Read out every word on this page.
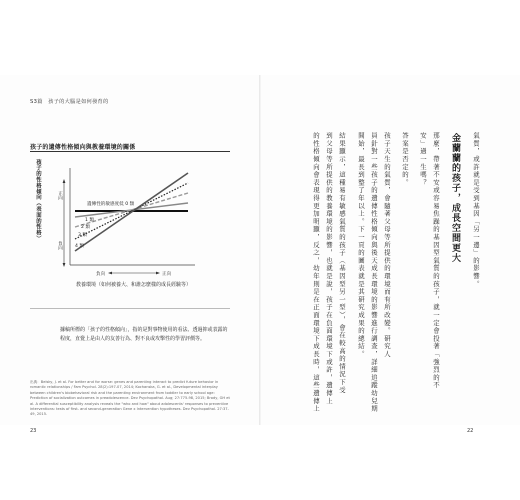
S3篇　孩子的大腦是如何發育的
孩子的遺傳性格傾向與教養環境的關係
孩子的性格傾向（表面的性格）	正向
負向
遺傳性的敏感度低 0 類
1 類
2 類
3 類
4 類
負向	正向
教養環境（如何被養大、和誰怎麼樣的成長經驗等）
據稿所標的「孩子的性格傾向」，指的是對事物使用的看法、透過抑或表露的程度，直覺上是由人的友善行為、對不良或攻擊性的學習評價等。
出典：Belsky, J. et al. For better and for worse: genes and parenting interact to predict future behavior in romantic relationships / Fam Psychol. 28(2):197-07, 2014; Kochanska, G. et al., Developmental interplay between children's biobehavioral risk and the parenting environment from toddler to early school age: Prediction of socialization outcomes in preadolescence. Dev Psychopathol. Aug; 27:775-98, 2015; Brody, GH et al. A differential susceptibility analysis reveals the "who and how" about adolescents' responses to preventive interventions: tests of first- and second-generation Gene x Intervention hypotheses. Dev Psychopathol. 27:37-49, 2015.
23
氣質，或許就是受到基因「另一邊」的影響。
金蘭蘭的孩子，成長空間更大
那麼，帶著不安或容易焦躁的基因型氣質的孩子，就一定會投著「強烈的不
安」過一生嗎？
答案是否定的。
孩子天生的氣質，會隨著父母等所提供的環境而有所改變。研究人
員針對一些孩子的遺傳性格傾向與後天成長環境的影響進行調查，詳細追蹤幼兒期
開始，最長到整了年以上。下一頁的圖表就是其研究成果的總結。
結果顯示，這種易有敏感氣質的孩子（基因型另一型），會在較高的情況下受
到父母等所提供的教養環境的影響，也就是說，孩子在負面環境下或許，遺傳上
的性格傾向會表現得更加明顯，反之，幼年則是在正面環境下成長時，這些遺傳上
22
